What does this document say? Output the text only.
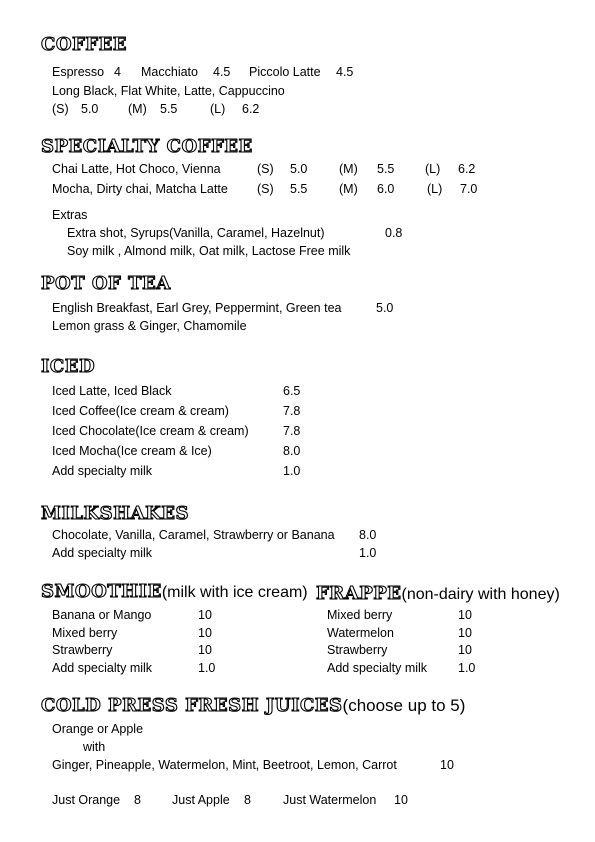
COFFEE
Espresso 4 Macchiato 4.5 Piccolo Latte 4.5
Long Black, Flat White, Latte, Cappuccino
(S) 5.0 (M) 5.5	(L) 6.2
SPECIALTY COFFEE
Chai Latte, Hot Choco, Vienna	(S) 5.0	(M) 5.5 (L) 6.2
Mocha, Dirty chai, Matcha Latte (S) 5.5	(M) 6.0	(L) 7.0
Extras
Extra shot, Syrups(Vanilla, Caramel, Hazelnut)	0.8
Soy milk , Almond milk, Oat milk, Lactose Free milk
POT OF TEA
English Breakfast, Earl Grey, Peppermint, Green tea	5.0
Lemon grass & Ginger, Chamomile
ICED
Iced Latte, Iced Black	6.5
Iced Coffee(Ice cream & cream)	7.8
Iced Chocolate(Ice cream & cream)	7.8
Iced Mocha(Ice cream & Ice)	8.0
Add specialty milk	1.0
MILKSHAKES
Chocolate, Vanilla, Caramel, Strawberry or Banana 8.0
Add specialty milk	1.0
SMOOTHIE(milk with ice cream)
Banana or Mango	10
Mixed berry	10
Strawberry	10
Add specialty milk	1.0
FRAPPE(non-dairy with honey)
Mixed berry	10
Watermelon	10
Strawberry	10
Add specialty milk 1.0
COLD PRESS FRESH JUICES(choose up to 5)
Orange or Apple
with
Ginger, Pineapple, Watermelon, Mint, Beetroot, Lemon, Carrot	10
Just Orange 8 Just Apple 8	Just Watermelon 10
